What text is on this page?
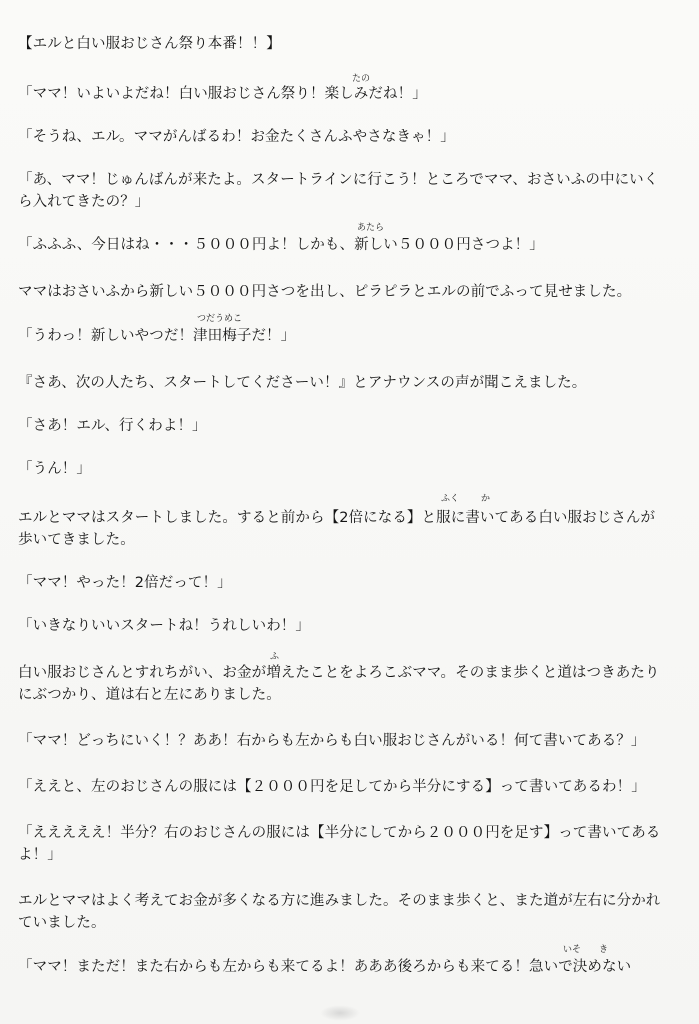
【エルと白い服おじさん祭り本番！！】
たの
「ママ！いよいよだね！白い服おじさん祭り！楽しみだね！」
「そうね、エル。ママがんばるわ！お金たくさんふやさなきゃ！」
「あ、ママ！じゅんばんが来たよ。スタートラインに行こう！ところでママ、おさいふの中にいく
ら入れてきたの？」
あたら
「ふふふ、今日はね・・・５０００円よ！しかも、新しい５０００円さつよ！」
ママはおさいふから新しい５０００円さつを出し、ピラピラとエルの前でふって見せました。
つだうめこ
「うわっ！新しいやつだ！津田梅子だ！」
『さあ、次の人たち、スタートしてくださーい！』とアナウンスの声が聞こえました。
「さあ！エル、行くわよ！」
「うん！」
ふく か
エルとママはスタートしました。すると前から【2倍になる】と服に書いてある白い服おじさんが
歩いてきました。
「ママ！やった！2倍だって！」
「いきなりいいスタートね！うれしいわ！」
ふ
白い服おじさんとすれちがい、お金が増えたことをよろこぶママ。そのまま歩くと道はつきあたり
にぶつかり、道は右と左にありました。
「ママ！どっちにいく！？ああ！右からも左からも白い服おじさんがいる！何て書いてある？」
「ええと、左のおじさんの服には【２０００円を足してから半分にする】って書いてあるわ！」
「えええええ！半分？右のおじさんの服には【半分にしてから２０００円を足す】って書いてある
よ！」
エルとママはよく考えてお金が多くなる方に進みました。そのまま歩くと、また道が左右に分かれ
ていました。
いそ き
「ママ！まただ！また右からも左からも来てるよ！あああ後ろからも来てる！急いで決めない
